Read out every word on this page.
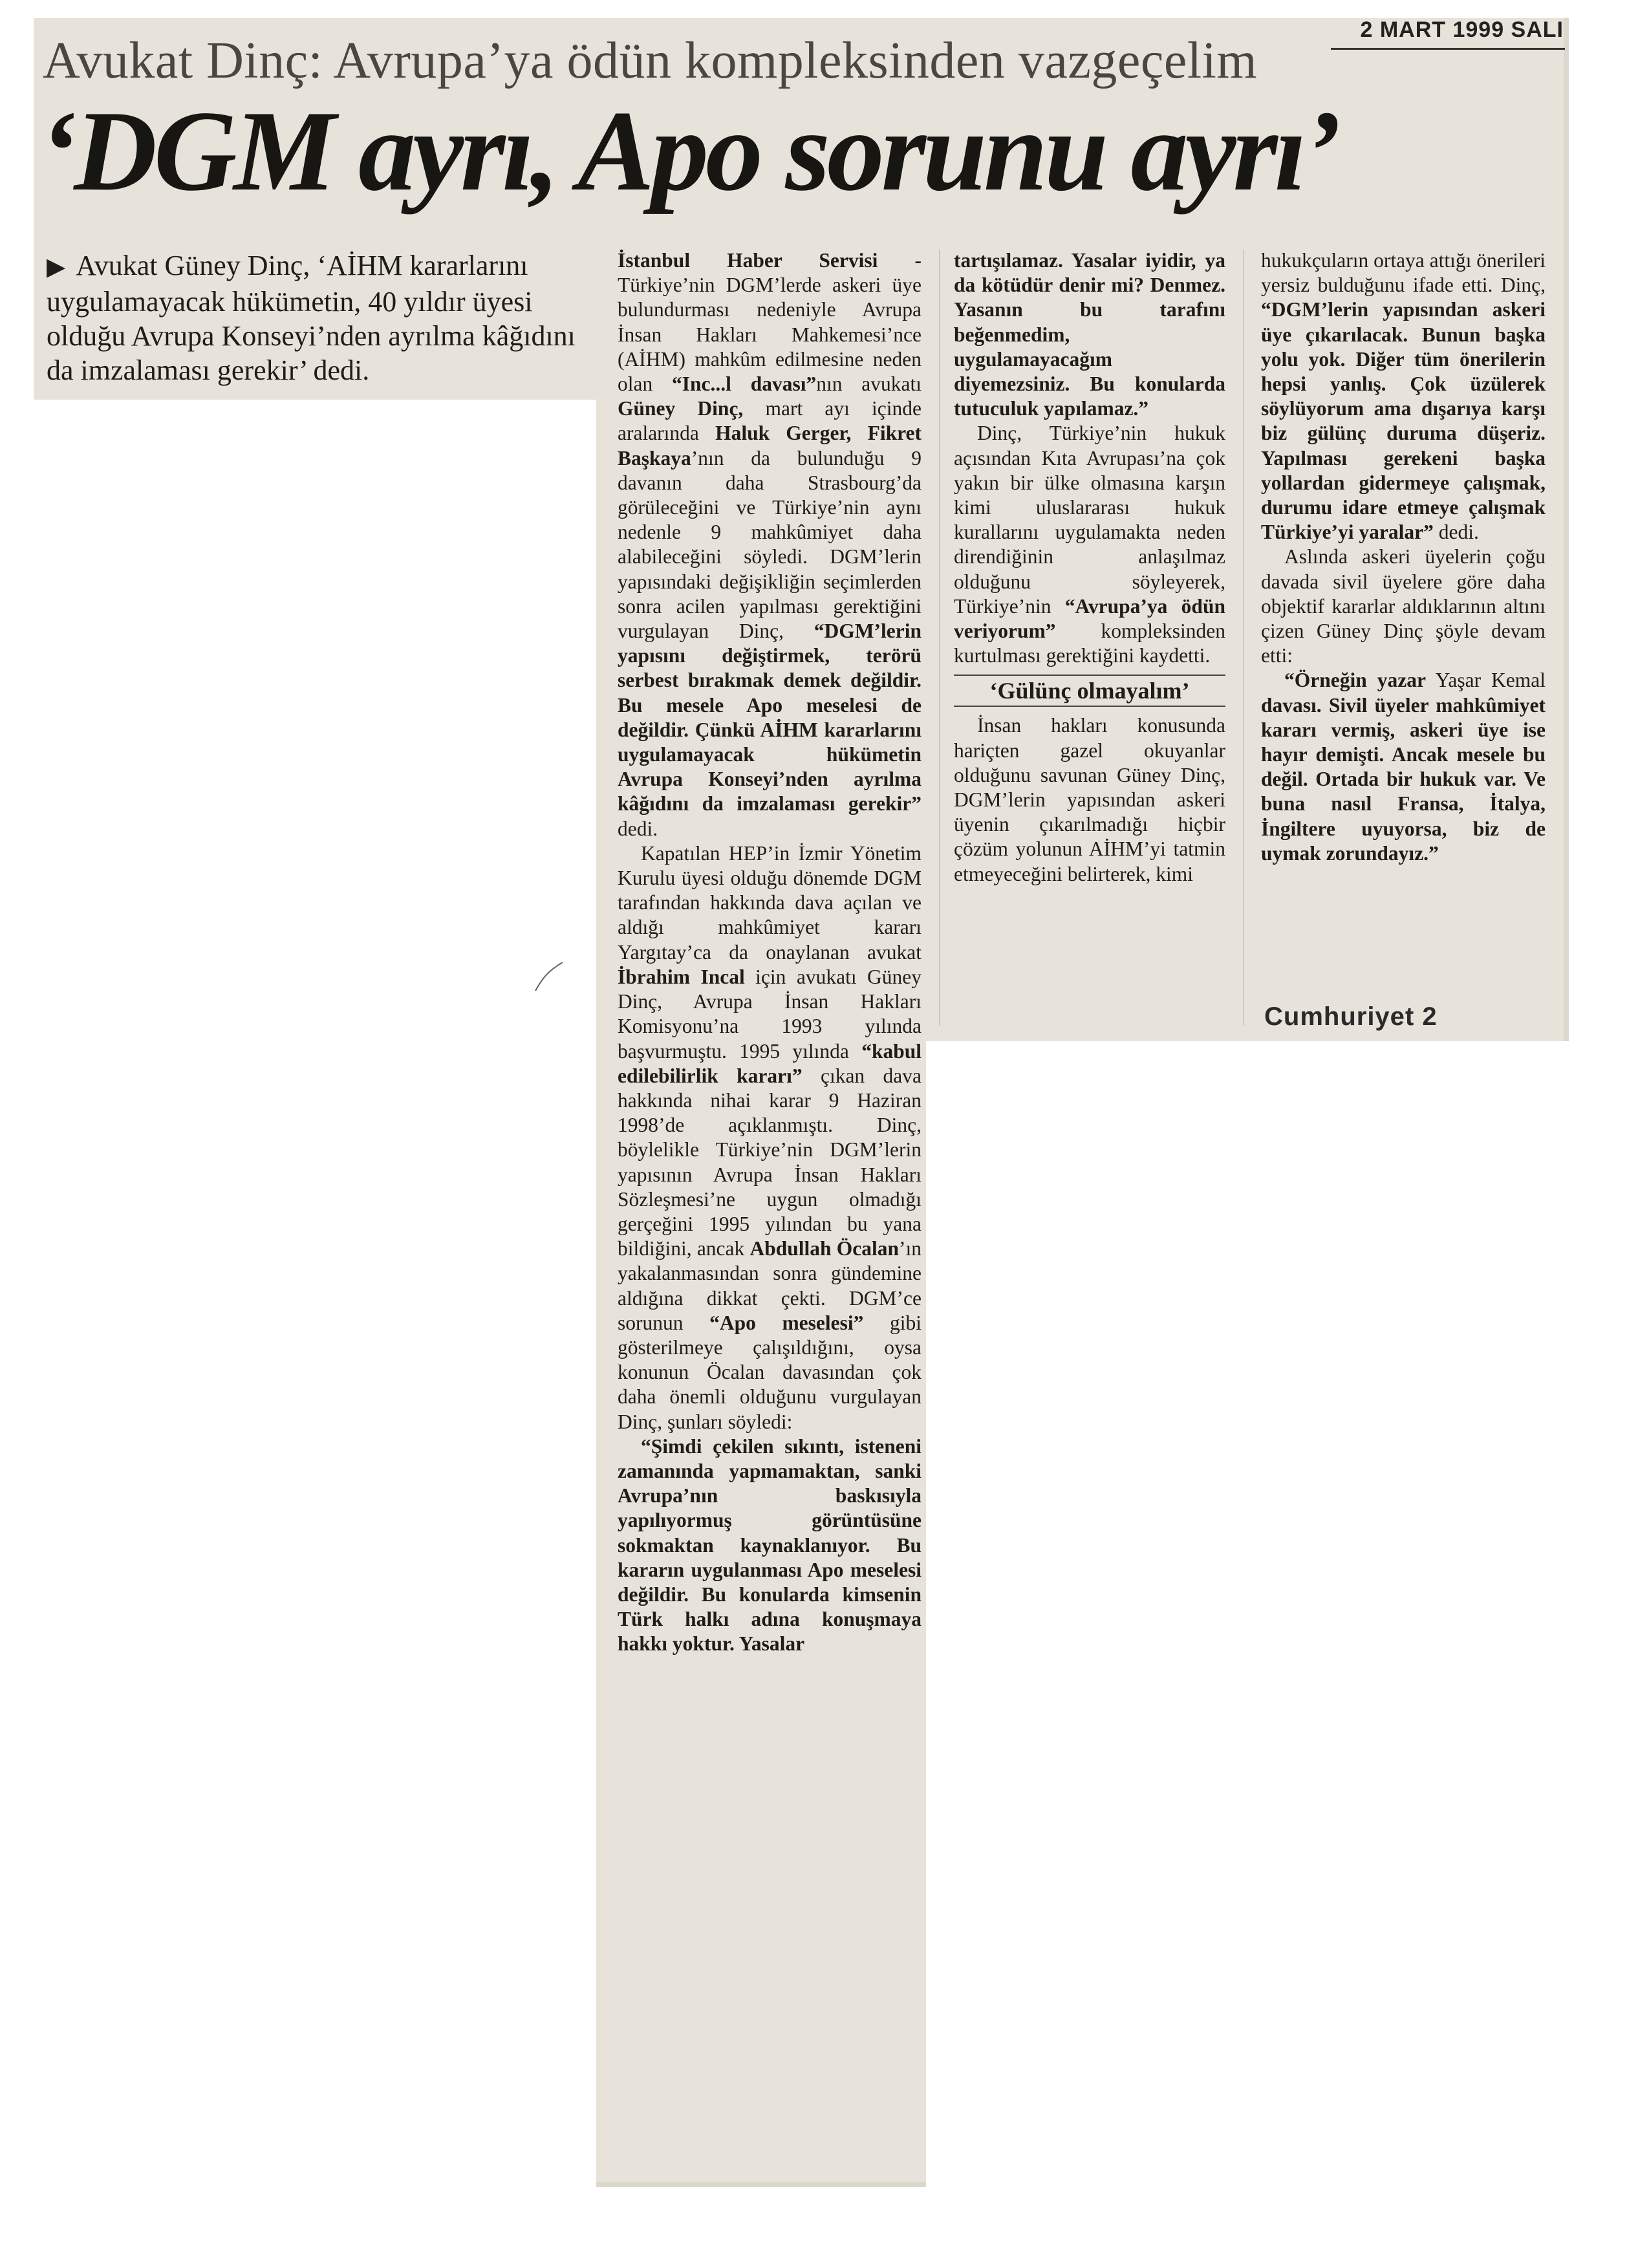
2 MART 1999 SALI
Avukat Dinç: Avrupa’ya ödün kompleksinden vazgeçelim
‘DGM ayrı, Apo sorunu ayrı’
▶ Avukat Güney Dinç, ‘AİHM kararlarını uygulamayacak hükümetin, 40 yıldır üyesi olduğu Avrupa Konseyi’nden ayrılma kâğıdını da imzalaması gerekir’ dedi.

İstanbul Haber Servisi - Türkiye’nin DGM’lerde askeri üye bulundurması nedeniyle Avrupa İnsan Hakları Mahkemesi’nce (AİHM) mahkûm edilmesine neden olan “Inc...l davası”nın avukatı Güney Dinç, mart ayı içinde aralarında Haluk Gerger, Fikret Başkaya’nın da bulunduğu 9 davanın daha Strasbourg’da görüleceğini ve Türkiye’nin aynı nedenle 9 mahkûmiyet daha alabileceğini söyledi. DGM’lerin yapısındaki değişikliğin seçimlerden sonra acilen yapılması gerektiğini vurgulayan Dinç, “DGM’lerin yapısını değiştirmek, terörü serbest bırakmak demek değildir. Bu mesele Apo meselesi de değildir. Çünkü AİHM kararlarını uygulamayacak hükümetin Avrupa Konseyi’nden ayrılma kâğıdını da imzalaması gerekir” dedi.

Kapatılan HEP’in İzmir Yönetim Kurulu üyesi olduğu dönemde DGM tarafından hakkında dava açılan ve aldığı mahkûmiyet kararı Yargıtay’ca da onaylanan avukat İbrahim Incal için avukatı Güney Dinç, Avrupa İnsan Hakları Komisyonu’na 1993 yılında başvurmuştu. 1995 yılında “kabul edilebilirlik kararı” çıkan dava hakkında nihai karar 9 Haziran 1998’de açıklanmıştı. Dinç, böylelikle Türkiye’nin DGM’lerin yapısının Avrupa İnsan Hakları Sözleşmesi’ne uygun olmadığı gerçeğini 1995 yılından bu yana bildiğini, ancak Abdullah Öcalan’ın yakalanmasından sonra gündemine aldığına dikkat çekti. DGM’ce sorunun “Apo meselesi” gibi gösterilmeye çalışıldığını, oysa konunun Öcalan davasından çok daha önemli olduğunu vurgulayan Dinç, şunları söyledi:

“Şimdi çekilen sıkıntı, isteneni zamanında yapmamaktan, sanki Avrupa’nın baskısıyla yapılıyormuş görüntüsüne sokmaktan kaynaklanıyor. Bu kararın uygulanması Apo meselesi değildir. Bu konularda kimsenin Türk halkı adına konuşmaya hakkı yoktur. Yasalar

tartışılamaz. Yasalar iyidir, ya da kötüdür denir mi? Denmez. Yasanın bu tarafını beğenmedim, uygulamayacağım diyemezsiniz. Bu konularda tutuculuk yapılamaz.”

Dinç, Türkiye’nin hukuk açısından Kıta Avrupası’na çok yakın bir ülke olmasına karşın kimi uluslararası hukuk kurallarını uygulamakta neden direndiğinin anlaşılmaz olduğunu söyleyerek, Türkiye’nin “Avrupa’ya ödün veriyorum” kompleksinden kurtulması gerektiğini kaydetti.

‘Gülünç olmayalım’

İnsan hakları konusunda hariçten gazel okuyanlar olduğunu savunan Güney Dinç, DGM’lerin yapısından askeri üyenin çıkarılmadığı hiçbir çözüm yolunun AİHM’yi tatmin etmeyeceğini belirterek, kimi

hukukçuların ortaya attığı önerileri yersiz bulduğunu ifade etti. Dinç, “DGM’lerin yapısından askeri üye çıkarılacak. Bunun başka yolu yok. Diğer tüm önerilerin hepsi yanlış. Çok üzülerek söylüyorum ama dışarıya karşı biz gülünç duruma düşeriz. Yapılması gerekeni başka yollardan gidermeye çalışmak, durumu idare etmeye çalışmak Türkiye’yi yaralar” dedi.

Aslında askeri üyelerin çoğu davada sivil üyelere göre daha objektif kararlar aldıklarının altını çizen Güney Dinç şöyle devam etti:

“Örneğin yazar Yaşar Kemal davası. Sivil üyeler mahkûmiyet kararı vermiş, askeri üye ise hayır demişti. Ancak mesele bu değil. Ortada bir hukuk var. Ve buna nasıl Fransa, İtalya, İngiltere uyuyorsa, biz de uymak zorundayız.”

Cumhuriyet 2
